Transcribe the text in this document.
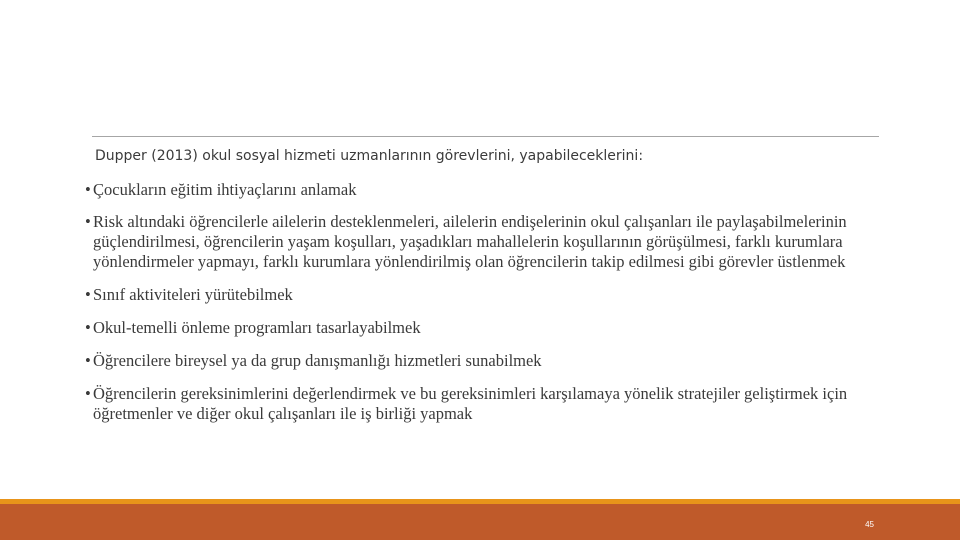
Dupper (2013) okul sosyal hizmeti uzmanlarının görevlerini, yapabileceklerini:
• Çocukların eğitim ihtiyaçlarını anlamak
• Risk altındaki öğrencilerle ailelerin desteklenmeleri, ailelerin endişelerinin okul çalışanları ile paylaşabilmelerinin güçlendirilmesi, öğrencilerin yaşam koşulları, yaşadıkları mahallelerin koşullarının görüşülmesi, farklı kurumlara yönlendirmeler yapmayı, farklı kurumlara yönlendirilmiş olan öğrencilerin takip edilmesi gibi görevler üstlenmek
• Sınıf aktiviteleri yürütebilmek
• Okul-temelli önleme programları tasarlayabilmek
• Öğrencilere bireysel ya da grup danışmanlığı hizmetleri sunabilmek
• Öğrencilerin gereksinimlerini değerlendirmek ve bu gereksinimleri karşılamaya yönelik stratejiler geliştirmek için öğretmenler ve diğer okul çalışanları ile iş birliği yapmak
45
